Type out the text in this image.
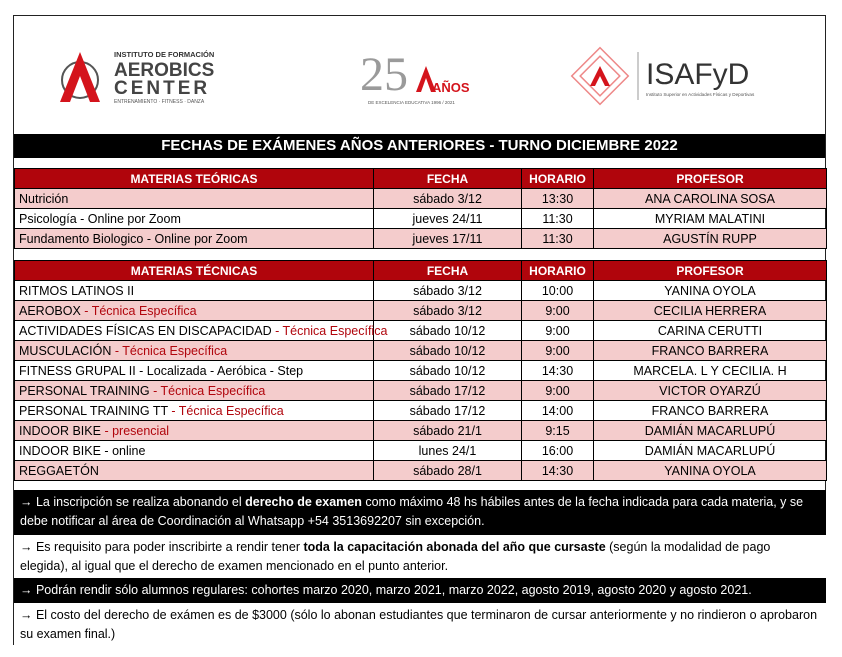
INSTITUTO DE FORMACIÓN
AEROBICS
CENTER
ENTRENAMIENTO · FITNESS · DANZA
25 AÑOS
DE EXCELENCIA EDUCATIVA 1996 / 2021
ISAFyD
Instituto Superior en Actividades Físicas y Deportivas
FECHAS DE EXÁMENES AÑOS ANTERIORES - TURNO DICIEMBRE 2022
MATERIAS TEÓRICAS	FECHA	HORARIO	PROFESOR
Nutrición	sábado 3/12	13:30	ANA CAROLINA SOSA
Psicología - Online por Zoom	jueves 24/11	11:30	MYRIAM MALATINI
Fundamento Biologico - Online por Zoom	jueves 17/11	11:30	AGUSTÍN RUPP
MATERIAS TÉCNICAS	FECHA	HORARIO	PROFESOR
RITMOS LATINOS II	sábado 3/12	10:00	YANINA OYOLA
AEROBOX - Técnica Específica	sábado 3/12	9:00	CECILIA HERRERA
ACTIVIDADES FÍSICAS EN DISCAPACIDAD - Técnica Específica	sábado 10/12	9:00	CARINA CERUTTI
MUSCULACIÓN - Técnica Específica	sábado 10/12	9:00	FRANCO BARRERA
FITNESS GRUPAL II - Localizada - Aeróbica - Step	sábado 10/12	14:30	MARCELA. L Y CECILIA. H
PERSONAL TRAINING - Técnica Específica	sábado 17/12	9:00	VICTOR OYARZÚ
PERSONAL TRAINING TT - Técnica Específica	sábado 17/12	14:00	FRANCO BARRERA
INDOOR BIKE - presencial	sábado 21/1	9:15	DAMIÁN MACARLUPÚ
INDOOR BIKE - online	lunes 24/1	16:00	DAMIÁN MACARLUPÚ
REGGAETÓN	sábado 28/1	14:30	YANINA OYOLA
→ La inscripción se realiza abonando el derecho de examen como máximo 48 hs hábiles antes de la fecha indicada para cada materia, y se debe notificar al área de Coordinación al Whatsapp +54 3513692207 sin excepción.
→ Es requisito para poder inscribirte a rendir tener toda la capacitación abonada del año que cursaste (según la modalidad de pago elegida), al igual que el derecho de examen mencionado en el punto anterior.
→ Podrán rendir sólo alumnos regulares: cohortes marzo 2020, marzo 2021, marzo 2022, agosto 2019, agosto 2020 y agosto 2021.
→ El costo del derecho de exámen es de $3000 (sólo lo abonan estudiantes que terminaron de cursar anteriormente y no rindieron o aprobaron su examen final.)
